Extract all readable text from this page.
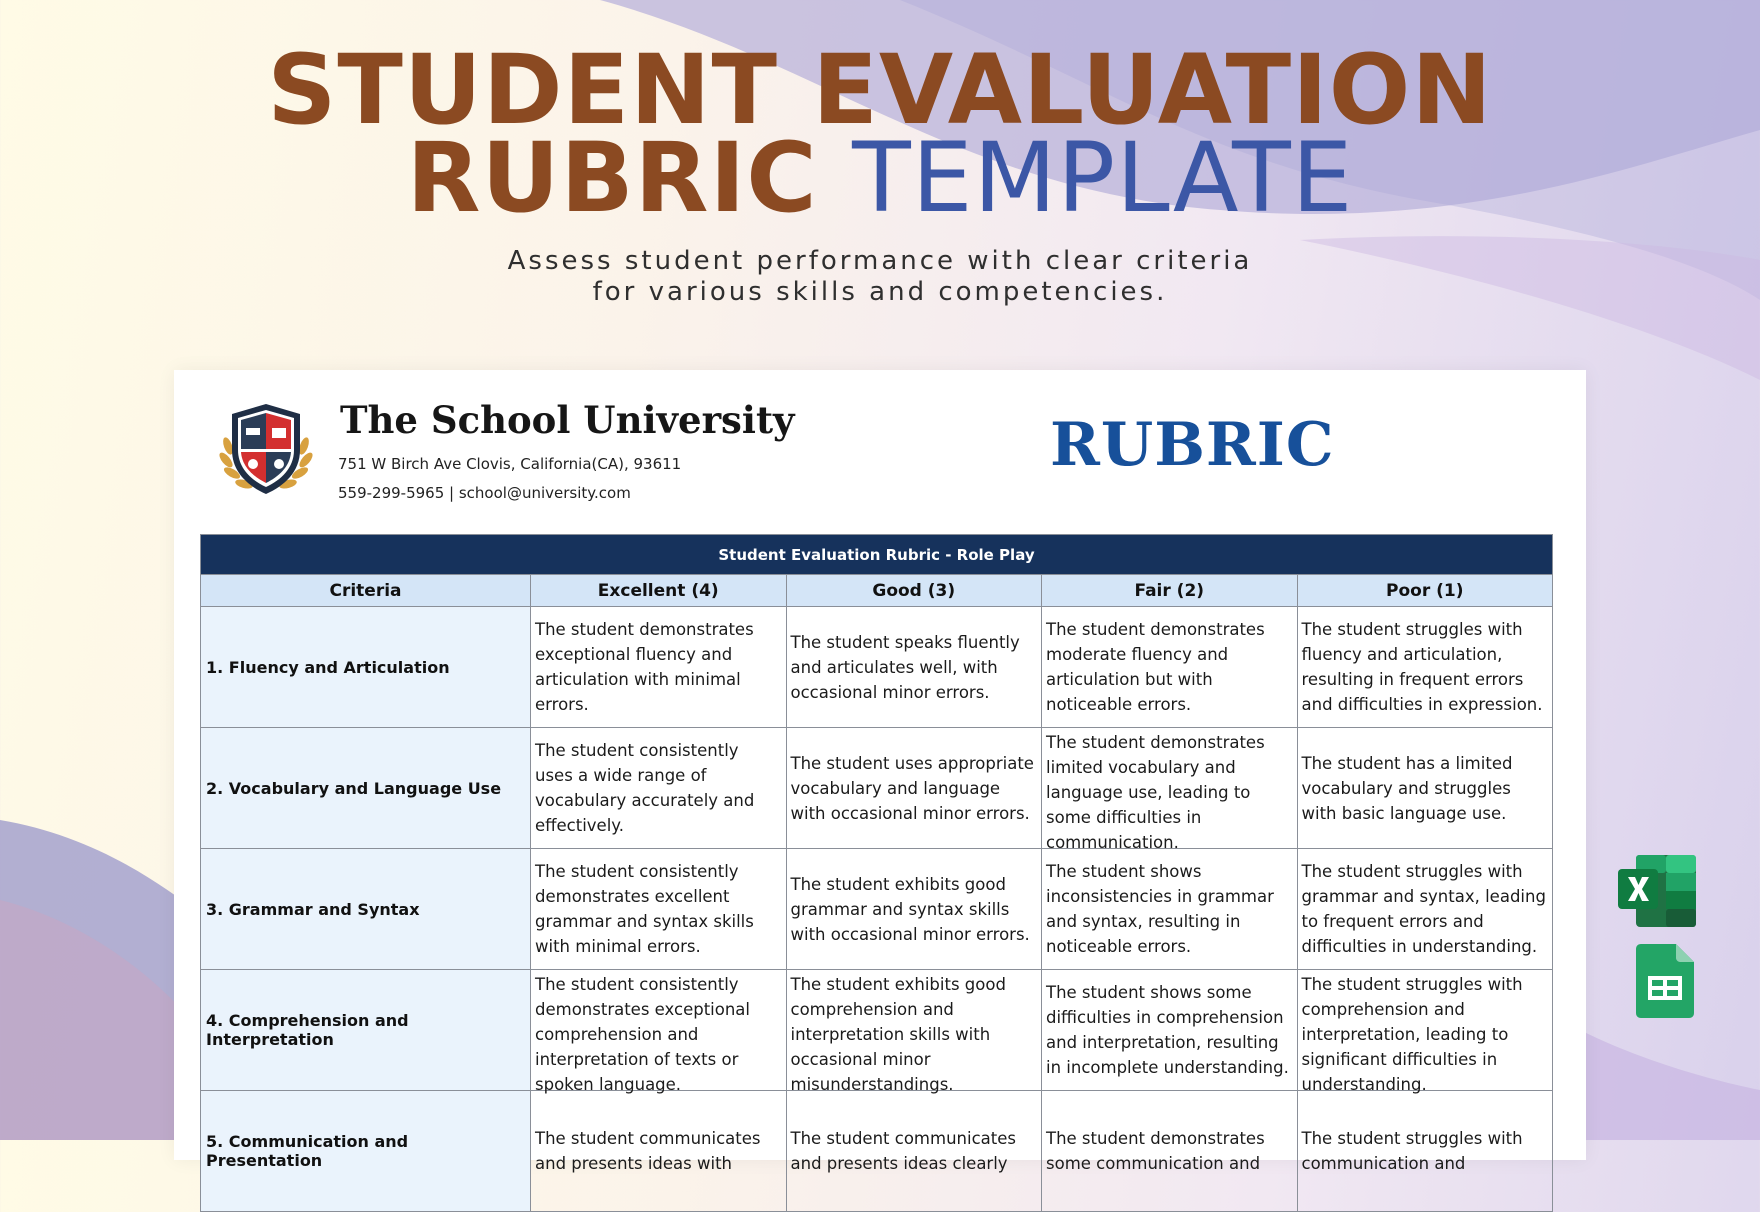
STUDENT EVALUATION
RUBRIC TEMPLATE
Assess student performance with clear criteria
for various skills and competencies.
The School University
751 W Birch Ave Clovis, California(CA), 93611
559-299-5965 | school@university.com
RUBRIC
Student Evaluation Rubric - Role Play				
Criteria	Excellent (4)	Good (3)	Fair (2)	Poor (1)
1. Fluency and Articulation	The student demonstrates exceptional fluency and articulation with minimal errors.	The student speaks fluently and articulates well, with occasional minor errors.	The student demonstrates moderate fluency and articulation but with noticeable errors.	The student struggles with fluency and articulation, resulting in frequent errors and difficulties in expression.

2. Vocabulary and Language Use	The student consistently uses a wide range of vocabulary accurately and effectively.	The student uses appropriate vocabulary and language with occasional minor errors.	The student demonstrates limited vocabulary and language use, leading to some difficulties in communication.	The student has a limited vocabulary and struggles with basic language use.

3. Grammar and Syntax	The student consistently demonstrates excellent grammar and syntax skills with minimal errors.	The student exhibits good grammar and syntax skills with occasional minor errors.	The student shows inconsistencies in grammar and syntax, resulting in noticeable errors.	The student struggles with grammar and syntax, leading to frequent errors and difficulties in understanding.

4. Comprehension and Interpretation	The student consistently demonstrates exceptional comprehension and interpretation of texts or spoken language.	The student exhibits good comprehension and interpretation skills with occasional minor misunderstandings.	The student shows some difficulties in comprehension and interpretation, resulting in incomplete understanding.	The student struggles with comprehension and interpretation, leading to significant difficulties in understanding.

5. Communication and Presentation	The student communicates and presents ideas with	The student communicates and presents ideas clearly	The student demonstrates some communication and	The student struggles with communication and
